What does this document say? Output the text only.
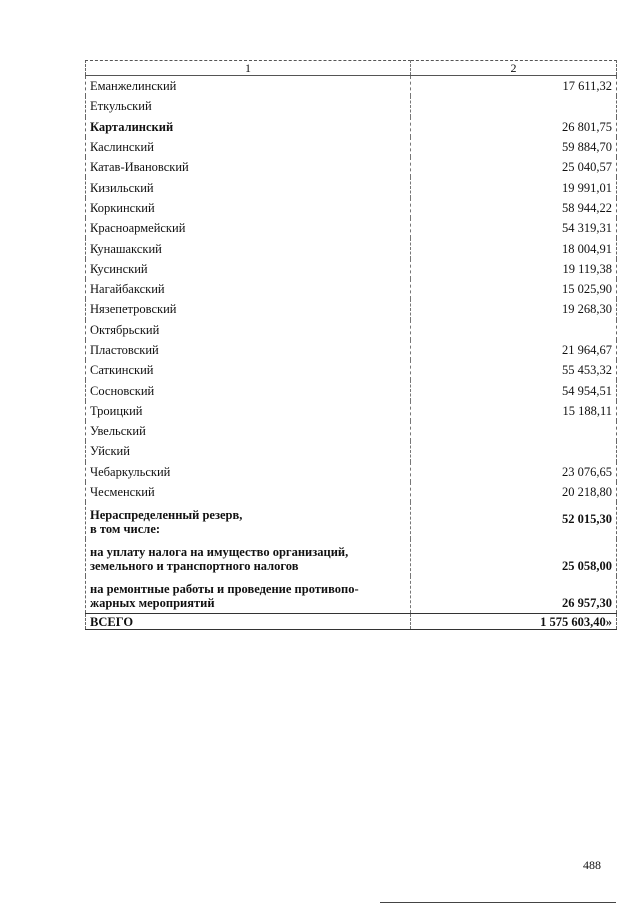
1	2
Еманжелинский	17 611,32
Еткульский	
Карталинский	26 801,75
Каслинский	59 884,70
Катав-Ивановский	25 040,57
Кизильский	19 991,01
Коркинский	58 944,22
Красноармейский	54 319,31
Кунашакский	18 004,91
Кусинский	19 119,38
Нагайбакский	15 025,90
Нязепетровский	19 268,30
Октябрьский	
Пластовский	21 964,67
Саткинский	55 453,32
Сосновский	54 954,51
Троицкий	15 188,11
Увельский	
Уйский	
Чебаркульский	23 076,65
Чесменский	20 218,80

Нераспределенный резерв,
в том числе:	52 015,30

на уплату налога на имущество организаций,
земельного и транспортного налогов	25 058,00

на ремонтные работы и проведение противопо-
жарных мероприятий	26 957,30
ВСЕГО	1 575 603,40»
488
